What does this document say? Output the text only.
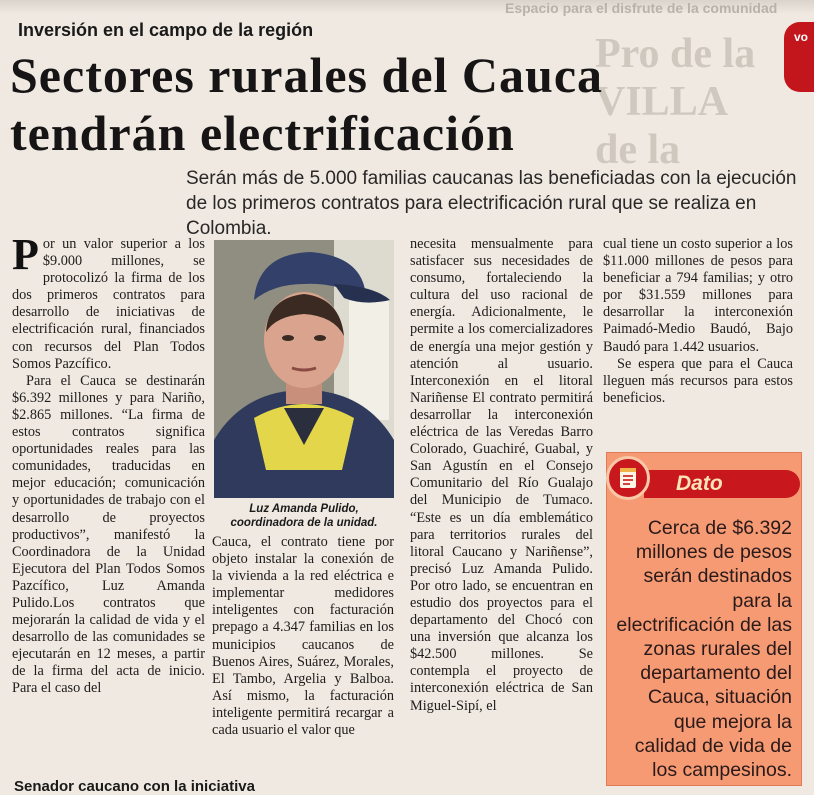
Espacio para el disfrute de la comunidad
Pro de la
VILLA
de la
vo
Inversión en el campo de la región
Sectores rurales del Cauca
tendrán electrificación
Serán más de 5.000 familias caucanas las beneficiadas con la ejecución de los primeros contratos para electrificación rural que se realiza en Colombia.

Por un valor superior a los $9.000 millones, se protocolizó la firma de los dos primeros contratos para desarrollo de iniciativas de electrificación rural, financiados con recursos del Plan Todos Somos Pazcífico.

Para el Cauca se destinarán $6.392 millones y para Nariño, $2.865 millones. “La firma de estos contratos significa oportunidades reales para las comunidades, traducidas en mejor educación; comunicación y oportunidades de trabajo con el desarrollo de proyectos productivos”, manifestó la Coordinadora de la Unidad Ejecutora del Plan Todos Somos Pazcífico, Luz Amanda Pulido.Los contratos que mejorarán la calidad de vida y el desarrollo de las comunidades se ejecutarán en 12 meses, a partir de la firma del acta de inicio. Para el caso del

Luz Amanda Pulido,
coordinadora de la unidad.

Cauca, el contrato tiene por objeto instalar la conexión de la vivienda a la red eléctrica e implementar medidores inteligentes con facturación prepago a 4.347 familias en los municipios caucanos de Buenos Aires, Suárez, Morales, El Tambo, Argelia y Balboa. Así mismo, la facturación inteligente permitirá recargar a cada usuario el valor que

necesita mensualmente para satisfacer sus necesidades de consumo, fortaleciendo la cultura del uso racional de energía. Adicionalmente, le permite a los comercializadores de energía una mejor gestión y atención al usuario. Interconexión en el litoral Nariñense El contrato permitirá desarrollar la interconexión eléctrica de las Veredas Barro Colorado, Guachiré, Guabal, y San Agustín en el Consejo Comunitario del Río Gualajo del Municipio de Tumaco. “Este es un día emblemático para territorios rurales del litoral Caucano y Nariñense”, precisó Luz Amanda Pulido. Por otro lado, se encuentran en estudio dos proyectos para el departamento del Chocó con una inversión que alcanza los $42.500 millones. Se contempla el proyecto de interconexión eléctrica de San Miguel-Sipí, el

cual tiene un costo superior a los $11.000 millones de pesos para beneficiar a 794 familias; y otro por $31.559 millones para desarrollar la interconexión Paimadó-Medio Baudó, Bajo Baudó para 1.442 usuarios.

Se espera que para el Cauca lleguen más recursos para estos beneficios.

Dato
Cerca de $6.392 millones de pesos serán destinados para la electrificación de las zonas rurales del departamento del Cauca, situación que mejora la calidad de vida de los campesinos.
Senador caucano con la iniciativa
